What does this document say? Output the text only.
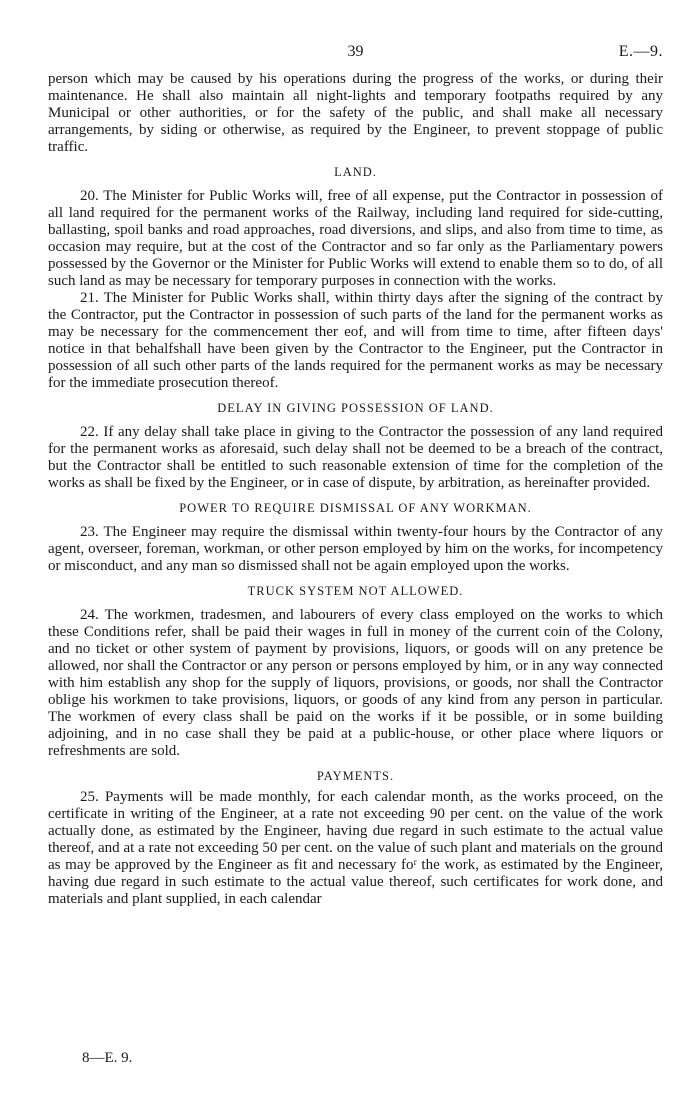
39	E.—9.

person which may be caused by his operations during the progress of the works, or during their maintenance. He shall also maintain all night-lights and temporary footpaths required by any Municipal or other authorities, or for the safety of the public, and shall make all necessary arrangements, by siding or otherwise, as required by the Engineer, to prevent stoppage of public traffic.

LAND.

20. The Minister for Public Works will, free of all expense, put the Contractor in possession of all land required for the permanent works of the Railway, including land required for side-cutting, ballasting, spoil banks and road approaches, road diversions, and slips, and also from time to time, as occasion may require, but at the cost of the Contractor and so far only as the Parliamentary powers possessed by the Governor or the Minister for Public Works will extend to enable them so to do, of all such land as may be necessary for temporary purposes in connection with the works.

21. The Minister for Public Works shall, within thirty days after the signing of the contract by the Contractor, put the Contractor in possession of such parts of the land for the permanent works as may be necessary for the commencement ther eof, and will from time to time, after fifteen days' notice in that behalfshall have been given by the Contractor to the Engineer, put the Contractor in possession of all such other parts of the lands required for the permanent works as may be necessary for the immediate prosecution thereof.

DELAY IN GIVING POSSESSION OF LAND.

22. If any delay shall take place in giving to the Contractor the possession of any land required for the permanent works as aforesaid, such delay shall not be deemed to be a breach of the contract, but the Contractor shall be entitled to such reasonable extension of time for the completion of the works as shall be fixed by the Engineer, or in case of dispute, by arbitration, as hereinafter provided.

POWER TO REQUIRE DISMISSAL OF ANY WORKMAN.

23. The Engineer may require the dismissal within twenty-four hours by the Contractor of any agent, overseer, foreman, workman, or other person employed by him on the works, for incompetency or misconduct, and any man so dismissed shall not be again employed upon the works.

TRUCK SYSTEM NOT ALLOWED.

24. The workmen, tradesmen, and labourers of every class employed on the works to which these Conditions refer, shall be paid their wages in full in money of the current coin of the Colony, and no ticket or other system of payment by provisions, liquors, or goods will on any pretence be allowed, nor shall the Contractor or any person or persons employed by him, or in any way connected with him establish any shop for the supply of liquors, provisions, or goods, nor shall the Contractor oblige his workmen to take provisions, liquors, or goods of any kind from any person in particular. The workmen of every class shall be paid on the works if it be possible, or in some building adjoining, and in no case shall they be paid at a public-house, or other place where liquors or refreshments are sold.

PAYMENTS.

25. Payments will be made monthly, for each calendar month, as the works proceed, on the certificate in writing of the Engineer, at a rate not exceeding 90 per cent. on the value of the work actually done, as estimated by the Engineer, having due regard in such estimate to the actual value thereof, and at a rate not exceeding 50 per cent. on the value of such plant and materials on the ground as may be approved by the Engineer as fit and necessary foʳ the work, as estimated by the Engineer, having due regard in such estimate to the actual value thereof, such certificates for work done, and materials and plant supplied, in each calendar

8—E. 9.
